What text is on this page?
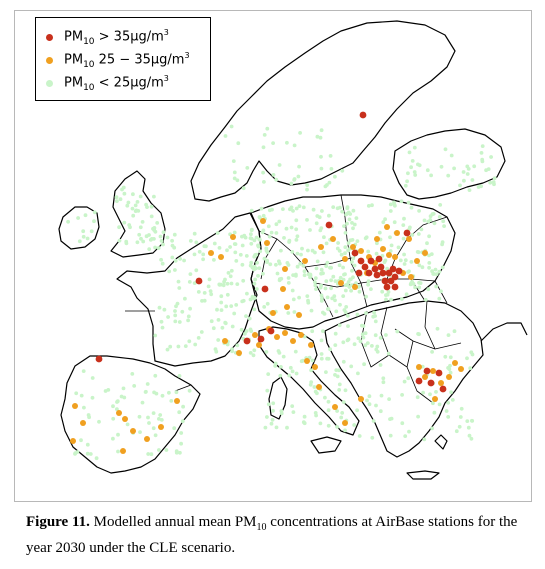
$PM_{10} > 35\mu g/m^3$
$PM_{10}$ $25 - 35\mu g/m^3$
$PM_{10} < 25\mu g/m^3$
Figure 11. Modelled annual mean $PM_{10}$ concentrations at AirBase stations for the year 2030 under the CLE scenario.
